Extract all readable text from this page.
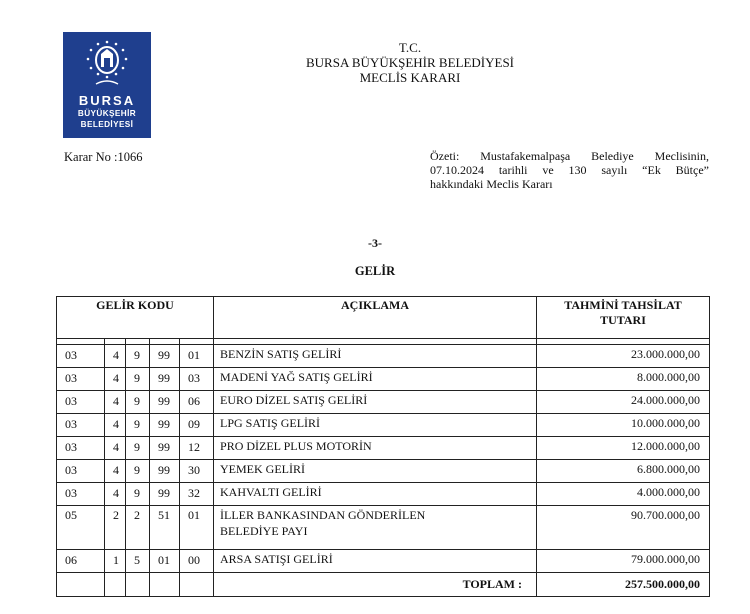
BURSA
BÜYÜKŞEHİR
BELEDİYESİ
T.C.
BURSA BÜYÜKŞEHİR BELEDİYESİ
MECLİS KARARI
Karar No :1066	Özeti: Mustafakemalpaşa Belediye Meclisinin,
07.10.2024 tarihli ve 130 sayılı “Ek Bütçe”
hakkındaki Meclis Kararı
-3-
GELİR
GELİR KODU					AÇIKLAMA	TAHMİNİ TAHSİLAT
TUTARI

03	4	9	99	01	BENZİN SATIŞ GELİRİ	23.000.000,00
03	4	9	99	03	MADENİ YAĞ SATIŞ GELİRİ	8.000.000,00
03	4	9	99	06	EURO DİZEL SATIŞ GELİRİ	24.000.000,00
03	4	9	99	09	LPG SATIŞ GELİRİ	10.000.000,00
03	4	9	99	12	PRO DİZEL PLUS MOTORİN	12.000.000,00
03	4	9	99	30	YEMEK GELİRİ	6.800.000,00
03	4	9	99	32	KAHVALTI GELİRİ	4.000.000,00
05	2	2	51	01	İLLER BANKASINDAN GÖNDERİLEN
BELEDİYE PAYI	90.700.000,00
06	1	5	01	00	ARSA SATIŞI GELİRİ	79.000.000,00
					TOPLAM :	257.500.000,00
